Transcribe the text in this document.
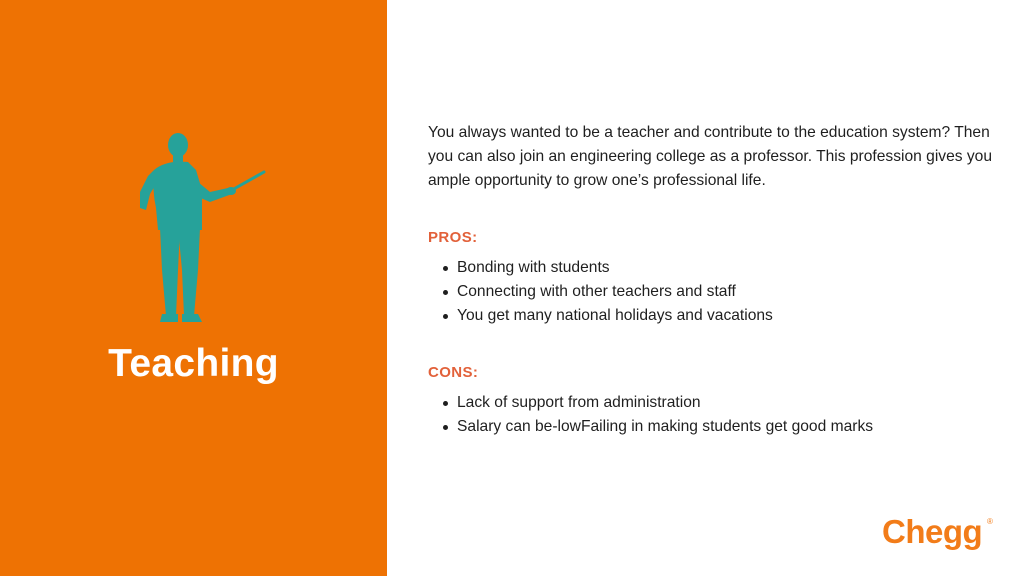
Teaching

You always wanted to be a teacher and contribute to the education system? Then you can also join an engineering college as a professor. This profession gives you ample opportunity to grow one’s professional life.

PROS:
Bonding with students
Connecting with other teachers and staff
You get many national holidays and vacations
CONS:
Lack of support from administration
Salary can be-lowFailing in making students get good marks
Chegg ®
